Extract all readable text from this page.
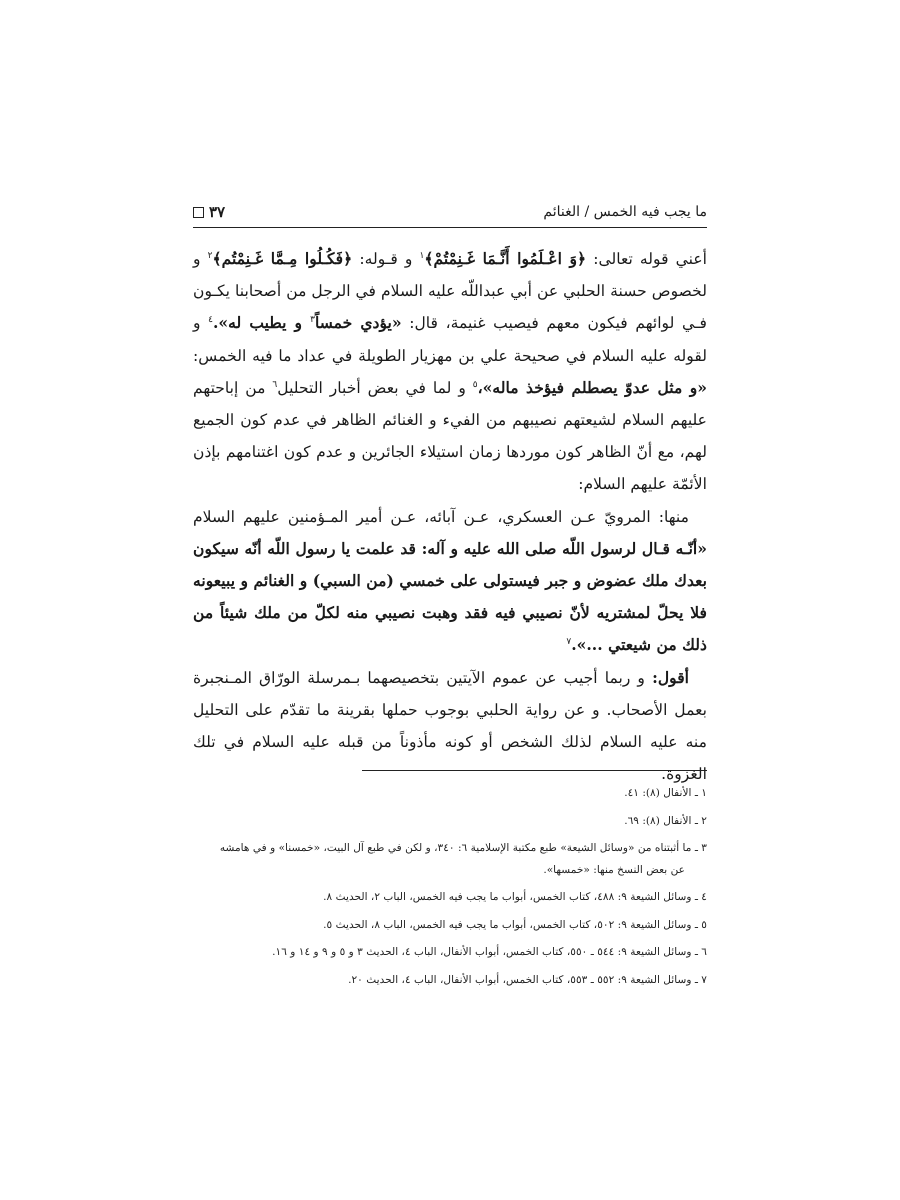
ما يجب فيه الخمس / الغنائم
٣٧

أعني قوله تعالى: ﴿وَ اعْـلَمُوا أَنَّـمَا غَـنِمْتُمْ﴾$^١$ و قـوله: ﴿فَكُـلُوا مِـمَّا غَـنِمْتُم﴾$^٢$ و لخصوص حسنة الحلبي عن أبي عبداللّه عليه السلام في الرجل من أصحابنا يكـون فـي لوائهم فيكون معهم فيصيب غنيمة، قال: «يؤدي خمساً$^٣$ و يطيب له».$^٤$ و لقوله عليه السلام في صحيحة علي بن مهزيار الطويلة في عداد ما فيه الخمس: «و مثل عدوّ يصطلم فيؤخذ ماله»،$^٥$ و لما في بعض أخبار التحليل$^٦$ من إباحتهم عليهم السلام لشيعتهم نصيبهم من الفيء و الغنائم الظاهر في عدم كون الجميع لهم، مع أنّ الظاهر كون موردها زمان استيلاء الجائرين و عدم كون اغتنامهم بإذن الأئمّة عليهم السلام:

منها: المرويّ عـن العسكري، عـن آبائه، عـن أمير المـؤمنين عليهم السلام «أنّـه قـال لرسول اللّه صلى الله عليه و آله: قد علمت يا رسول اللّه أنّه سيكون بعدك ملك عضوض و جبر فيستولى على خمسي (من السبي) و الغنائم و يبيعونه فلا يحلّ لمشتريه لأنّ نصيبي فيه فقد وهبت نصيبي منه لكلّ من ملك شيئاً من ذلك من شيعتي ...».$^٧$

أقول: و ربما أجيب عن عموم الآيتين بتخصيصهما بـمرسلة الورّاق المـنجبرة بعمل الأصحاب. و عن رواية الحلبي بوجوب حملها بقرينة ما تقدّم على التحليل منه عليه السلام لذلك الشخص أو كونه مأذوناً من قبله عليه السلام في تلك الغزوة.

١ ـ الأنفال (٨): ٤١.
٢ ـ الأنفال (٨): ٦٩.
٣ ـ ما أثبتناه من «وسائل الشيعة» طبع مكتبة الإسلامية ٦: ٣٤٠، و لكن في طبع آل البيت، «خمسنا» و في هامشه
عن بعض النسخ منها: «خمسها».
٤ ـ وسائل الشيعة ٩: ٤٨٨، كتاب الخمس، أبواب ما يجب فيه الخمس، الباب ٢، الحديث ٨.
٥ ـ وسائل الشيعة ٩: ٥٠٢، كتاب الخمس، أبواب ما يجب فيه الخمس، الباب ٨، الحديث ٥.
٦ ـ وسائل الشيعة ٩: ٥٤٤ ـ ٥٥٠، كتاب الخمس، أبواب الأنفال، الباب ٤، الحديث ٣ و ٥ و ٩ و ١٤ و ١٦.
٧ ـ وسائل الشيعة ٩: ٥٥٢ ـ ٥٥٣، كتاب الخمس، أبواب الأنفال، الباب ٤، الحديث ٢٠.
